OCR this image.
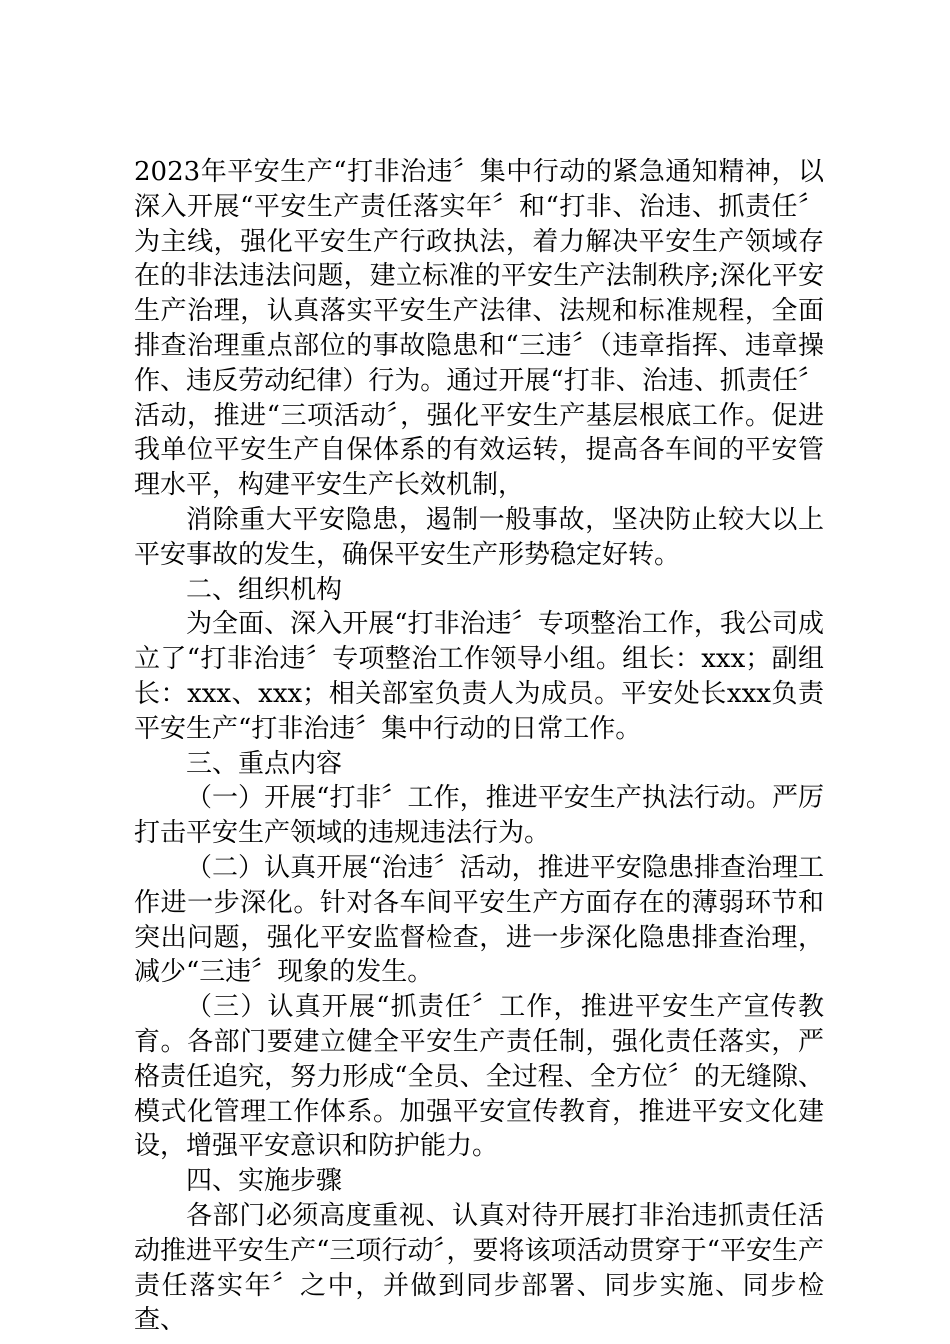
2023年平安生产“打非治违〞集中行动的紧急通知精神，以深入开展“平安生产责任落实年〞和“打非、治违、抓责任〞为主线，强化平安生产行政执法，着力解决平安生产领域存在的非法违法问题，建立标准的平安生产法制秩序;深化平安生产治理，认真落实平安生产法律、法规和标准规程，全面排查治理重点部位的事故隐患和“三违〞（违章指挥、违章操作、违反劳动纪律）行为。通过开展“打非、治违、抓责任〞活动，推进“三项活动〞，强化平安生产基层根底工作。促进我单位平安生产自保体系的有效运转，提高各车间的平安管理水平，构建平安生产长效机制，

消除重大平安隐患，遏制一般事故，坚决防止较大以上平安事故的发生，确保平安生产形势稳定好转。

二、组织机构

为全面、深入开展“打非治违〞专项整治工作，我公司成立了“打非治违〞专项整治工作领导小组。组长：xxx；副组长：xxx、xxx；相关部室负责人为成员。平安处长xxx负责平安生产“打非治违〞集中行动的日常工作。

三、重点内容

（一）开展“打非〞工作，推进平安生产执法行动。严厉打击平安生产领域的违规违法行为。

（二）认真开展“治违〞活动，推进平安隐患排查治理工作进一步深化。针对各车间平安生产方面存在的薄弱环节和突出问题，强化平安监督检查，进一步深化隐患排查治理，减少“三违〞现象的发生。

（三）认真开展“抓责任〞工作，推进平安生产宣传教育。各部门要建立健全平安生产责任制，强化责任落实，严格责任追究，努力形成“全员、全过程、全方位〞的无缝隙、模式化管理工作体系。加强平安宣传教育，推进平安文化建设，增强平安意识和防护能力。

四、实施步骤

各部门必须高度重视、认真对待开展打非治违抓责任活动推进平安生产“三项行动〞，要将该项活动贯穿于“平安生产责任落实年〞之中，并做到同步部署、同步实施、同步检查、
